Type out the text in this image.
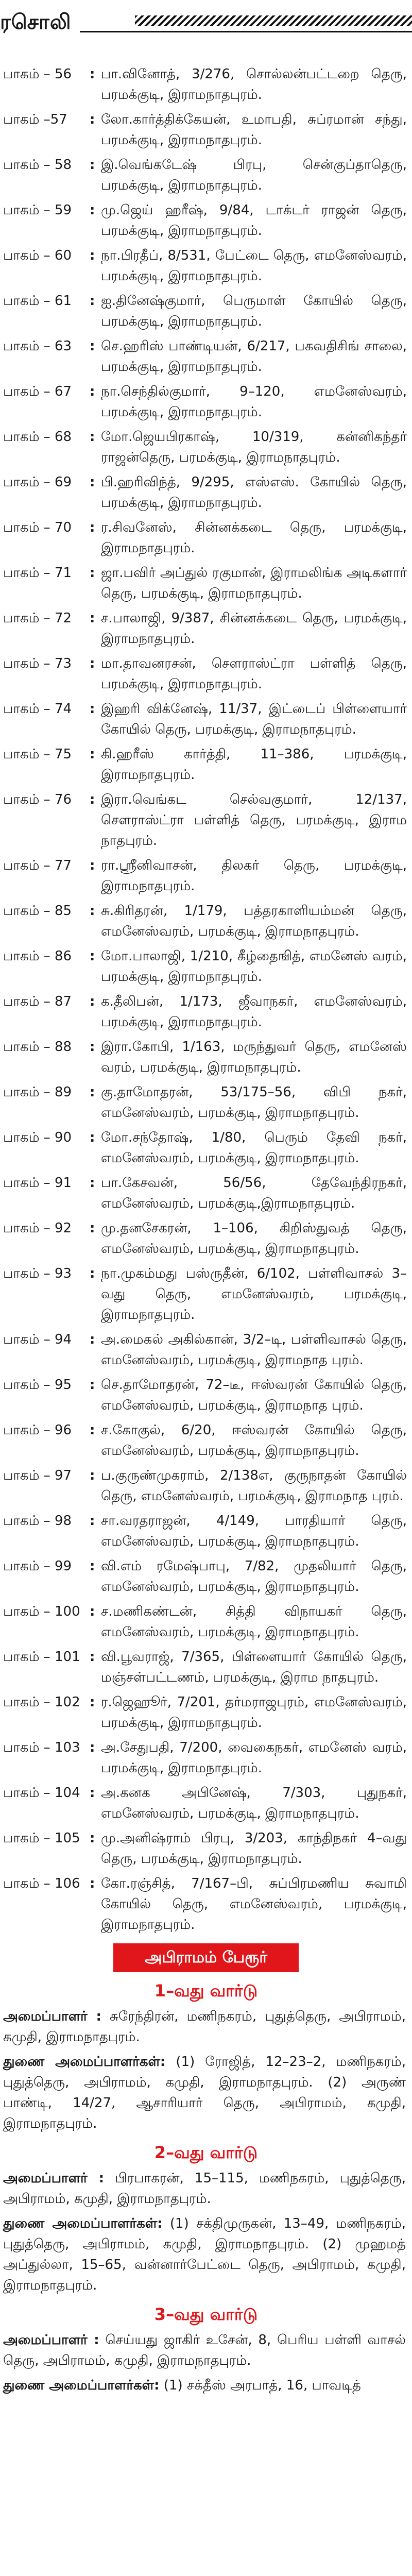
ரசொலி
பாகம் – 56	: பா.வினோத், 3/276, சொல்லன்பட்டறை தெரு, பரமக்குடி, இராமநாதபுரம்.
பாகம் –57	: லோ.கார்த்திக்கேயன், உமாபதி, சுப்ரமான் சந்து, பரமக்குடி, இராமநாதபுரம்.
பாகம் – 58	: இ.வெங்கடேஷ் பிரபு, சென்குப்தாதெரு, பரமக்குடி, இராமநாதபுரம்.
பாகம் – 59	: மு.ஜெய் ஹரீஷ், 9/84, டாக்டர் ராஜன் தெரு, பரமக்குடி, இராமநாதபுரம்.
பாகம் – 60	: நா.பிரதீப், 8/531, பேட்டை தெரு, எமனேஸ்வரம், பரமக்குடி, இராமநாதபுரம்.
பாகம் – 61	: ஐ.தினேஷ்குமார், பெருமாள் கோயில் தெரு, பரமக்குடி, இராமநாதபுரம்.
பாகம் – 63	: செ.ஹரிஸ் பாண்டியன், 6/217, பகவதிசிங் சாலை, பரமக்குடி, இராமநாதபுரம்.
பாகம் – 67	: நா.செந்தில்குமார், 9–120, எமனேஸ்வரம், பரமக்குடி, இராமநாதபுரம்.
பாகம் – 68	: மோ.ஜெயபிரகாஷ், 10/319, கன்னிகந்தர் ராஜன்தெரு, பரமக்குடி, இராமநாதபுரம்.
பாகம் – 69	: பி.ஹரிவிந்த், 9/295, எஸ்எஸ். கோயில் தெரு, பரமக்குடி, இராமநாதபுரம்.
பாகம் – 70	: ர.சிவனேஸ், சின்னக்கடை தெரு, பரமக்குடி, இராமநாதபுரம்.
பாகம் – 71	: ஜா.பவிர் அப்துல் ரகுமான், இராமலிங்க அடிகளார் தெரு, பரமக்குடி, இராமநாதபுரம்.
பாகம் – 72	: ச.பாலாஜி, 9/387, சின்னக்கடை தெரு, பரமக்குடி, இராமநாதபுரம்.
பாகம் – 73	: மா.தாவனரசன், சௌராஸ்ட்ரா பள்ளித் தெரு, பரமக்குடி, இராமநாதபுரம்.
பாகம் – 74	: இஹரி விக்னேஷ், 11/37, இட்டைப் பிள்ளையார் கோயில் தெரு, பரமக்குடி, இராமநாதபுரம்.
பாகம் – 75	: கி.ஹரீஸ் கார்த்தி, 11–386, பரமக்குடி, இராமநாதபுரம்.
பாகம் – 76	: இரா.வெங்கட செல்வகுமார், 12/137, சௌராஸ்ட்ரா பள்ளித் தெரு, பரமக்குடி, இராம நாதபுரம்.
பாகம் – 77	: ரா.ஸ்ரீனிவாசன், திலகர் தெரு, பரமக்குடி, இராமநாதபுரம்.
பாகம் – 85	: சு.கிரிதரன், 1/179, பத்தரகாளியம்மன் தெரு, எமனேஸ்வரம், பரமக்குடி, இராமநாதபுரம்.
பாகம் – 86	: மோ.பாலாஜி, 1/210, கீழ்தைஙித், எமனேஸ் வரம், பரமக்குடி, இராமநாதபுரம்.
பாகம் – 87	: க.தீலிபன், 1/173, ஜீவாநகர், எமனேஸ்வரம், பரமக்குடி, இராமநாதபுரம்.
பாகம் – 88	: இரா.கோபி, 1/163, மருந்துவர் தெரு, எமனேஸ் வரம், பரமக்குடி, இராமநாதபுரம்.
பாகம் – 89	: கு.தாமோதரன், 53/175–56, விபி நகர், எமனேஸ்வரம், பரமக்குடி, இராமநாதபுரம்.
பாகம் – 90	: மோ.சந்தோஷ், 1/80, பெரும் தேவி நகர், எமனேஸ்வரம், பரமக்குடி, இராமநாதபுரம்.
பாகம் – 91	: பா.கேசவன், 56/56, தேவேந்திரநகர், எமனேஸ்வரம், பரமக்குடி,இராமநாதபுரம்.
பாகம் – 92	: மு.தனசேகரன், 1–106, கிறிஸ்துவத் தெரு, எமனேஸ்வரம், பரமக்குடி, இராமநாதபுரம்.
பாகம் – 93	: நா.முகம்மது பஸ்ருதீன், 6/102, பள்ளிவாசல் 3–வது தெரு, எமனேஸ்வரம், பரமக்குடி, இராமநாதபுரம்.
பாகம் – 94	: அ.மைகல் அகில்கான், 3/2–டி, பள்ளிவாசல் தெரு, எமனேஸ்வரம், பரமக்குடி, இராமநாத புரம்.
பாகம் – 95	: செ.தாமோதரன், 72–டீ, ஈஸ்வரன் கோயில் தெரு, எமனேஸ்வரம், பரமக்குடி, இராமநாத புரம்.
பாகம் – 96	: ச.கோகுல், 6/20, ஈஸ்வரன் கோயில் தெரு, எமனேஸ்வரம், பரமக்குடி, இராமநாதபுரம்.
பாகம் – 97	: ப.குருண்முகராம், 2/138எ, குருநாதன் கோயில் தெரு, எமனேஸ்வரம், பரமக்குடி, இராமநாத புரம்.
பாகம் – 98	: சா.வரதராஜன், 4/149, பாரதியார் தெரு, எமனேஸ்வரம், பரமக்குடி, இராமநாதபுரம்.
பாகம் – 99	: வி.எம் ரமேஷ்பாபு, 7/82, முதலியார் தெரு, எமனேஸ்வரம், பரமக்குடி, இராமநாதபுரம்.
பாகம் – 100 : ச.மணிகண்டன், சித்தி விநாயகர் தெரு, எமனேஸ்வரம், பரமக்குடி, இராமநாதபுரம்.
பாகம் – 101 : வி.பூவராஜ், 7/365, பிள்ளையார் கோயில் தெரு, மஞ்சள்பட்டணம், பரமக்குடி, இராம நாதபுரம்.
பாகம் – 102 : ர.ஜெஹூர், 7/201, தர்மராஜபுரம், எமனேஸ்வரம், பரமக்குடி, இராமநாதபுரம்.
பாகம் – 103 : அ.சேதுபதி, 7/200, வைகைநகர், எமனேஸ் வரம், பரமக்குடி, இராமநாதபுரம்.
பாகம் – 104 : அ.கனக அபினேஷ், 7/303, புதுநகர், எமனேஸ்வரம், பரமக்குடி, இராமநாதபுரம்.
பாகம் – 105 : மு.அனிஷ்ராம் பிரபு, 3/203, காந்திநகர் 4–வது தெரு, பரமக்குடி, இராமநாதபுரம்.
பாகம் – 106 : கோ.ரஞ்சித், 7/167–பி, சுப்பிரமணிய சுவாமி கோயில் தெரு, எமனேஸ்வரம், பரமக்குடி, இராமநாதபுரம்.
அபிராமம் பேரூர்
1–வது வார்டு
அமைப்பாளர் : சுரேந்திரன், மணிநகரம், புதுத்தெரு, அபிராமம், கமுதி, இராமநாதபுரம்.
துணை அமைப்பாளர்கள்: (1) ரோஜித், 12–23–2, மணிநகரம், புதுத்தெரு, அபிராமம், கமுதி, இராமநாதபுரம். (2) அருண் பாண்டி, 14/27, ஆசாரியார் தெரு, அபிராமம், கமுதி, இராமநாதபுரம்.
2–வது வார்டு
அமைப்பாளர் : பிரபாகரன், 15–115, மணிநகரம், புதுத்தெரு, அபிராமம், கமுதி, இராமநாதபுரம்.
துணை அமைப்பாளர்கள்: (1) சக்திமுருகன், 13–49, மணிநகரம், புதுத்தெரு, அபிராமம், கமுதி, இராமநாதபுரம். (2) முஹமத் அப்துல்லா, 15–65, வன்னார்பேட்டை தெரு, அபிராமம், கமுதி, இராமநாதபுரம்.
3–வது வார்டு
அமைப்பாளர் : செய்யது ஜாகிர் உசேன், 8, பெரிய பள்ளி வாசல் தெரு, அபிராமம், கமுதி, இராமநாதபுரம்.
துணை அமைப்பாளர்கள்: (1) சக்தீஸ் அரபாத், 16, பாவடித்
